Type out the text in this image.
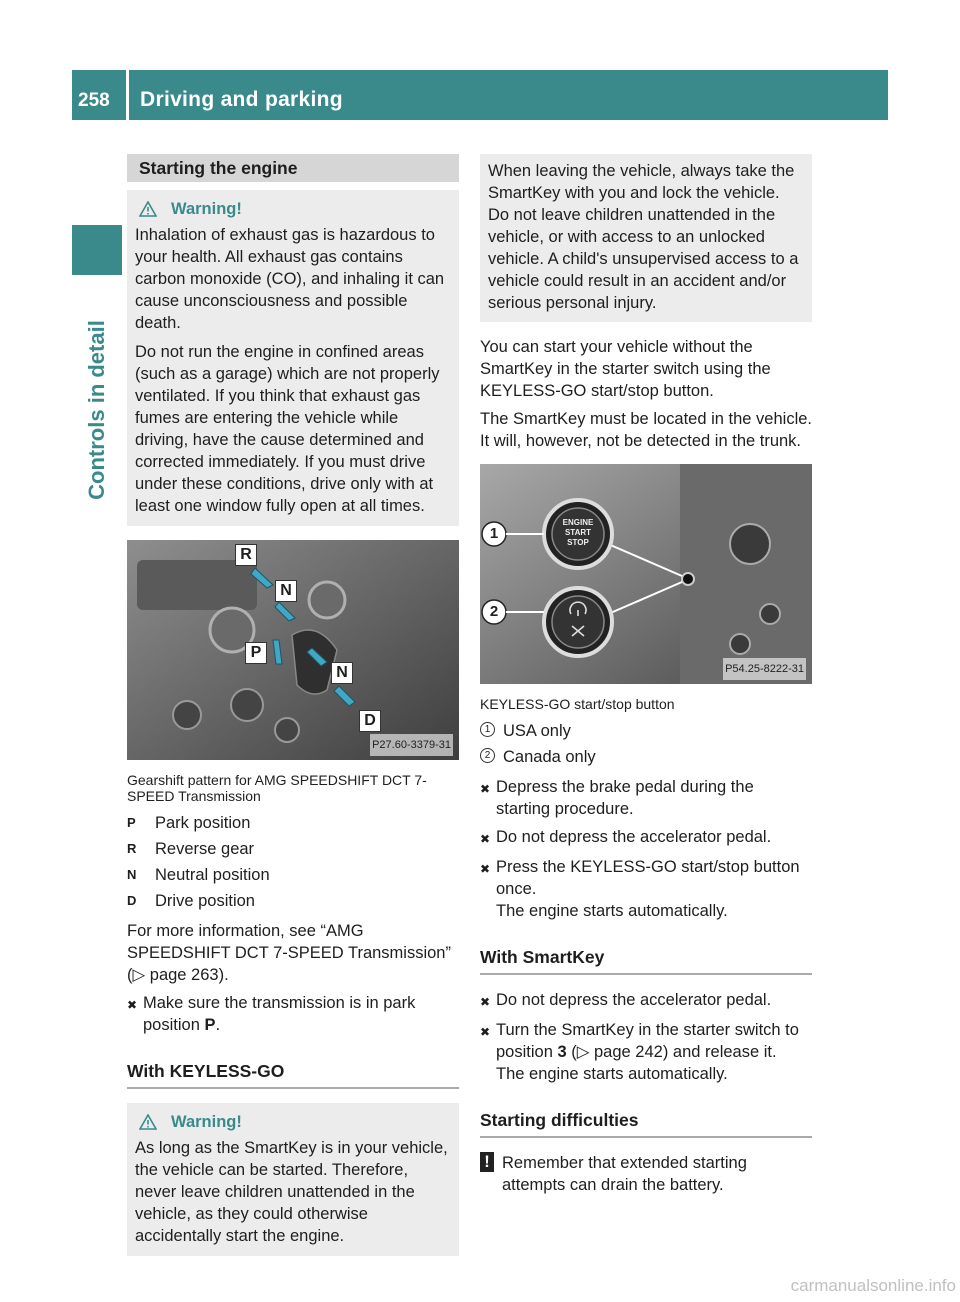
258	Driving and parking
Controls in detail
Starting the engine
Warning!

Inhalation of exhaust gas is hazardous to your health. All exhaust gas contains carbon monoxide (CO), and inhaling it can cause unconsciousness and possible death.

Do not run the engine in confined areas (such as a garage) which are not properly ventilated. If you think that exhaust gas fumes are entering the vehicle while driving, have the cause determined and corrected immediately. If you must drive under these conditions, drive only with at least one window fully open at all times.

R
N
P
N
D
P27.60-3379-31
Gearshift pattern for AMG SPEEDSHIFT DCT 7-SPEED Transmission
P	Park position
R	Reverse gear
N	Neutral position
D	Drive position

For more information, see “AMG SPEEDSHIFT DCT 7-SPEED Transmission” (▷ page 263).

✖ Make sure the transmission is in park position P.
With KEYLESS-GO
Warning!

As long as the SmartKey is in your vehicle, the vehicle can be started. Therefore, never leave children unattended in the vehicle, as they could otherwise accidentally start the engine.

When leaving the vehicle, always take the SmartKey with you and lock the vehicle. Do not leave children unattended in the vehicle, or with access to an unlocked vehicle. A child's unsupervised access to a vehicle could result in an accident and/or serious personal injury.

You can start your vehicle without the SmartKey in the starter switch using the KEYLESS-GO start/stop button.

The SmartKey must be located in the vehicle. It will, however, not be detected in the trunk.

1
2
ENGINE
START
STOP
P54.25-8222-31
KEYLESS-GO start/stop button
1 USA only
2 Canada only
✖ Depress the brake pedal during the starting procedure.
✖ Do not depress the accelerator pedal.
✖ Press the KEYLESS-GO start/stop button once.
The engine starts automatically.
With SmartKey
✖ Do not depress the accelerator pedal.
✖ Turn the SmartKey in the starter switch to position 3 (▷ page 242) and release it.
The engine starts automatically.
Starting difficulties
! Remember that extended starting attempts can drain the battery.
carmanualsonline.info
